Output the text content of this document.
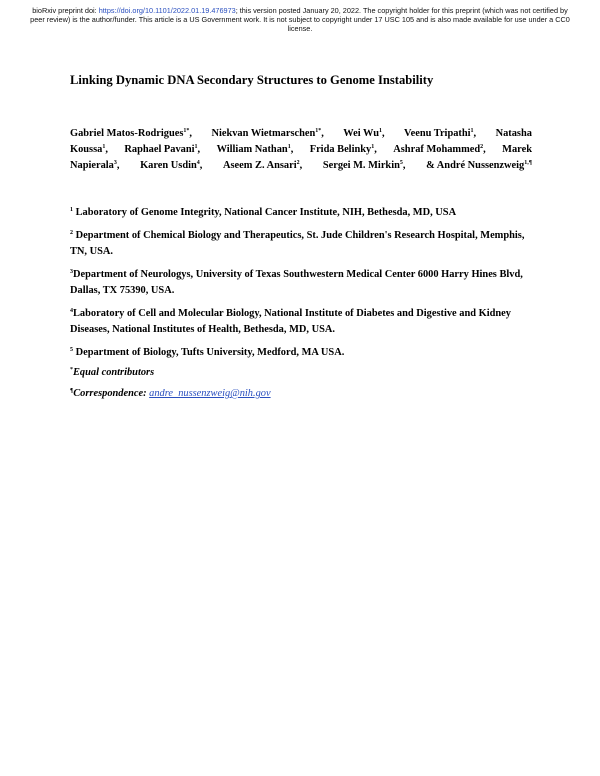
bioRxiv preprint doi: https://doi.org/10.1101/2022.01.19.476973; this version posted January 20, 2022. The copyright holder for this preprint (which was not certified by peer review) is the author/funder. This article is a US Government work. It is not subject to copyright under 17 USC 105 and is also made available for use under a CC0 license.
Linking Dynamic DNA Secondary Structures to Genome Instability
Gabriel Matos-Rodrigues$^{1*}$, Niekvan Wietmarschen$^{1*}$, Wei Wu$^1$, Veenu Tripathi$^1$, Natasha
Koussa$^1$, Raphael Pavani$^1$, William Nathan$^1$, Frida Belinky$^1$, Ashraf Mohammed$^2$, Marek
Napierala$^3$, Karen Usdin$^4$, Aseem Z. Ansari$^2$, Sergei M. Mirkin$^5$, & André Nussenzweig$^{1,\P}$
$^1$ Laboratory of Genome Integrity, National Cancer Institute, NIH, Bethesda, MD, USA
$^2$ Department of Chemical Biology and Therapeutics, St. Jude Children's Research Hospital, Memphis, TN, USA.
$^3$Department of Neurologys, University of Texas Southwestern Medical Center 6000 Harry Hines Blvd, Dallas, TX 75390, USA.
$^4$Laboratory of Cell and Molecular Biology, National Institute of Diabetes and Digestive and Kidney Diseases, National Institutes of Health, Bethesda, MD, USA.
$^5$ Department of Biology, Tufts University, Medford, MA USA.
*Equal contributors
¶Correspondence: andre_nussenzweig@nih.gov
